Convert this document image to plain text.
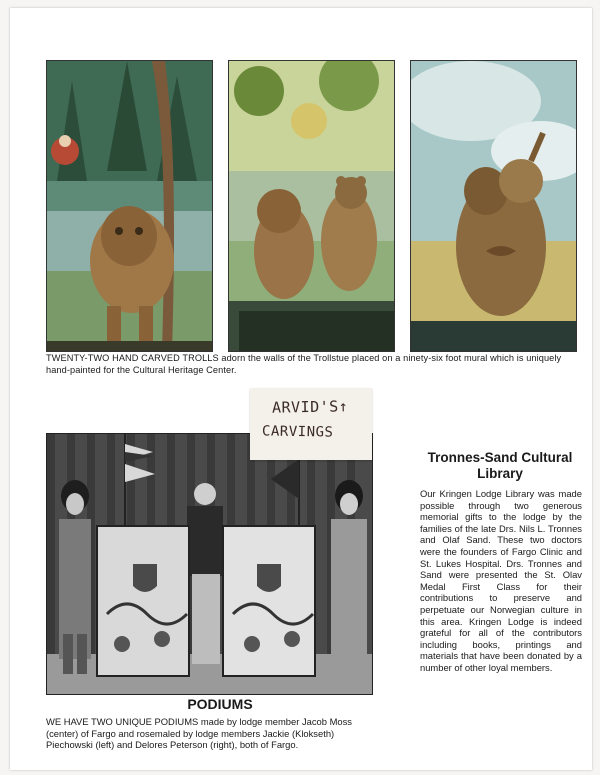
TWENTY-TWO HAND CARVED TROLLS adorn the walls of the Trollstue placed on a ninety-six foot mural which is uniquely hand-painted for the Cultural Heritage Center.
ARVID'S↑
CARVINGS
Tronnes-Sand Cultural Library
Our Kringen Lodge Library was made possible through two generous memorial gifts to the lodge by the families of the late Drs. Nils L. Tronnes and Olaf Sand. These two doctors were the founders of Fargo Clinic and St. Lukes Hospital. Drs. Tronnes and Sand were presented the St. Olav Medal First Class for their contributions to preserve and perpetuate our Norwegian culture in this area. Kringen Lodge is indeed grateful for all of the contributors including books, printings and materials that have been donated by a number of other loyal members.
PODIUMS
WE HAVE TWO UNIQUE PODIUMS made by lodge member Jacob Moss (center) of Fargo and rosemaled by lodge members Jackie (Klokseth) Piechowski (left) and Delores Peterson (right), both of Fargo.
